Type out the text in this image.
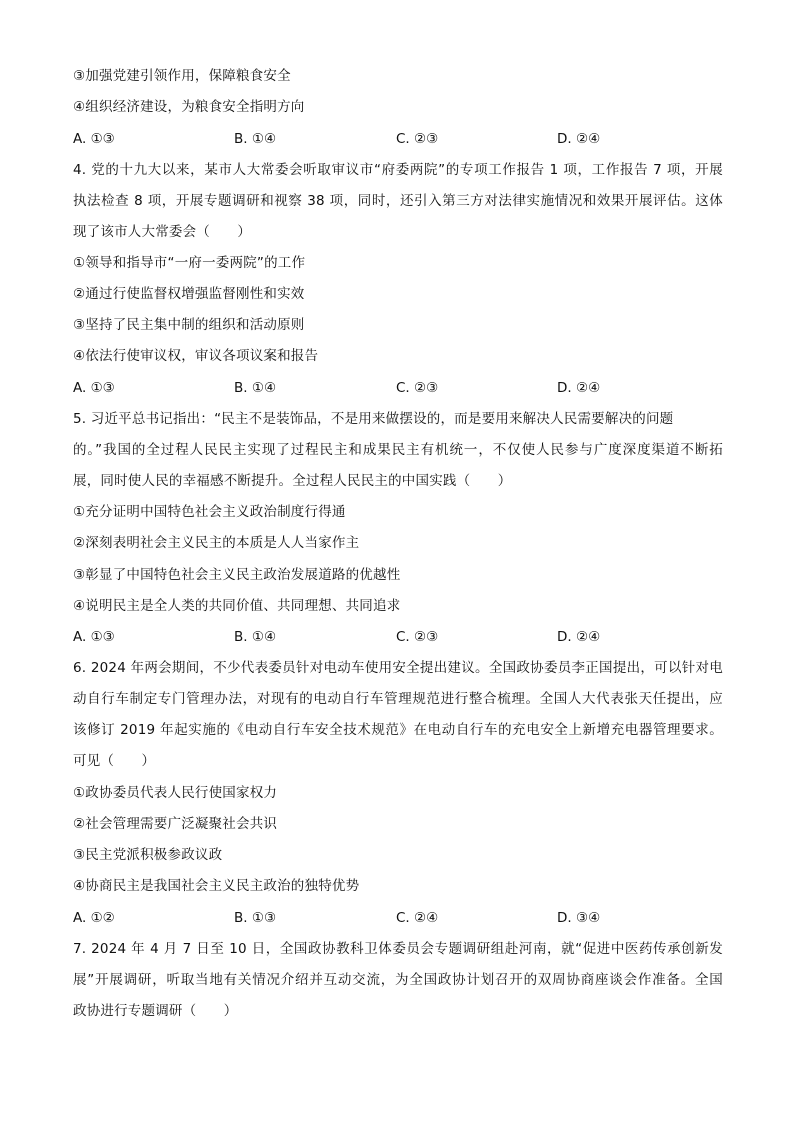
③加强党建引领作用，保障粮食安全
④组织经济建设，为粮食安全指明方向
A. ①③	B. ①④	C. ②③	D. ②④
4. 党的十九大以来，某市人大常委会听取审议市“府委两院”的专项工作报告 1 项，工作报告 7 项，开展
执法检查 8 项，开展专题调研和视察 38 项，同时，还引入第三方对法律实施情况和效果开展评估。这体
现了该市人大常委会（　　）
①领导和指导市“一府一委两院”的工作
②通过行使监督权增强监督刚性和实效
③坚持了民主集中制的组织和活动原则
④依法行使审议权，审议各项议案和报告
A. ①③	B. ①④	C. ②③	D. ②④
5. 习近平总书记指出：“民主不是装饰品，不是用来做摆设的，而是要用来解决人民需要解决的问题
的。”我国的全过程人民民主实现了过程民主和成果民主有机统一，不仅使人民参与广度深度渠道不断拓
展，同时使人民的幸福感不断提升。全过程人民民主的中国实践（　　）
①充分证明中国特色社会主义政治制度行得通
②深刻表明社会主义民主的本质是人人当家作主
③彰显了中国特色社会主义民主政治发展道路的优越性
④说明民主是全人类的共同价值、共同理想、共同追求
A. ①③	B. ①④	C. ②③	D. ②④
6. 2024 年两会期间，不少代表委员针对电动车使用安全提出建议。全国政协委员李正国提出，可以针对电
动自行车制定专门管理办法，对现有的电动自行车管理规范进行整合梳理。全国人大代表张天任提出，应
该修订 2019 年起实施的《电动自行车安全技术规范》在电动自行车的充电安全上新增充电器管理要求。
可见（　　）
①政协委员代表人民行使国家权力
②社会管理需要广泛凝聚社会共识
③民主党派积极参政议政
④协商民主是我国社会主义民主政治的独特优势
A. ①②	B. ①③	C. ②④	D. ③④
7. 2024 年 4 月 7 日至 10 日，全国政协教科卫体委员会专题调研组赴河南，就“促进中医药传承创新发
展”开展调研，听取当地有关情况介绍并互动交流，为全国政协计划召开的双周协商座谈会作准备。全国
政协进行专题调研（　　）
